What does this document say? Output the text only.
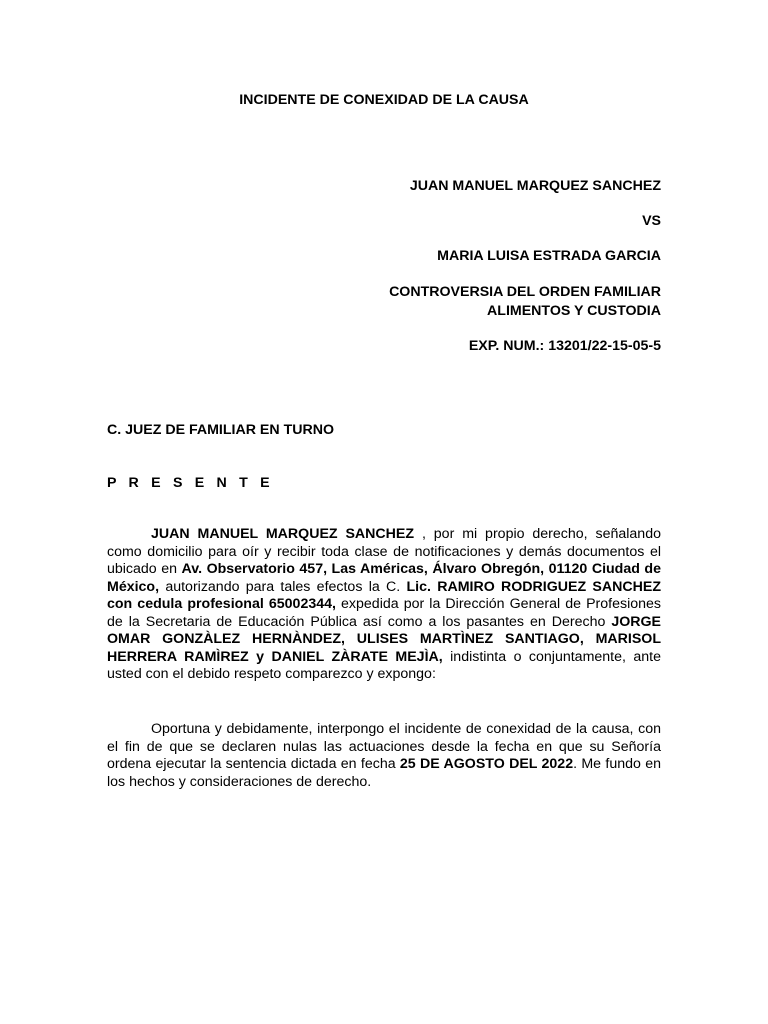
INCIDENTE DE CONEXIDAD DE LA CAUSA
JUAN MANUEL MARQUEZ SANCHEZ
VS
MARIA LUISA ESTRADA GARCIA
CONTROVERSIA DEL ORDEN FAMILIAR
ALIMENTOS Y CUSTODIA
EXP. NUM.: 13201/22-15-05-5
C. JUEZ DE FAMILIAR EN TURNO
P R E S E N T E
JUAN MANUEL MARQUEZ SANCHEZ , por mi propio derecho, señalando como domicilio para oír y recibir toda clase de notificaciones y demás documentos el ubicado en Av. Observatorio 457, Las Américas, Álvaro Obregón, 01120 Ciudad de México, autorizando para tales efectos la C. Lic. RAMIRO RODRIGUEZ SANCHEZ con cedula profesional 65002344, expedida por la Dirección General de Profesiones de la Secretaria de Educación Pública así como a los pasantes en Derecho JORGE OMAR GONZÀLEZ HERNÀNDEZ, ULISES MARTÌNEZ SANTIAGO, MARISOL HERRERA RAMÌREZ y DANIEL ZÀRATE MEJÌA, indistinta o conjuntamente, ante usted con el debido respeto comparezco y expongo:
Oportuna y debidamente, interpongo el incidente de conexidad de la causa, con el fin de que se declaren nulas las actuaciones desde la fecha en que su Señoría ordena ejecutar la sentencia dictada en fecha 25 DE AGOSTO DEL 2022. Me fundo en los hechos y consideraciones de derecho.
